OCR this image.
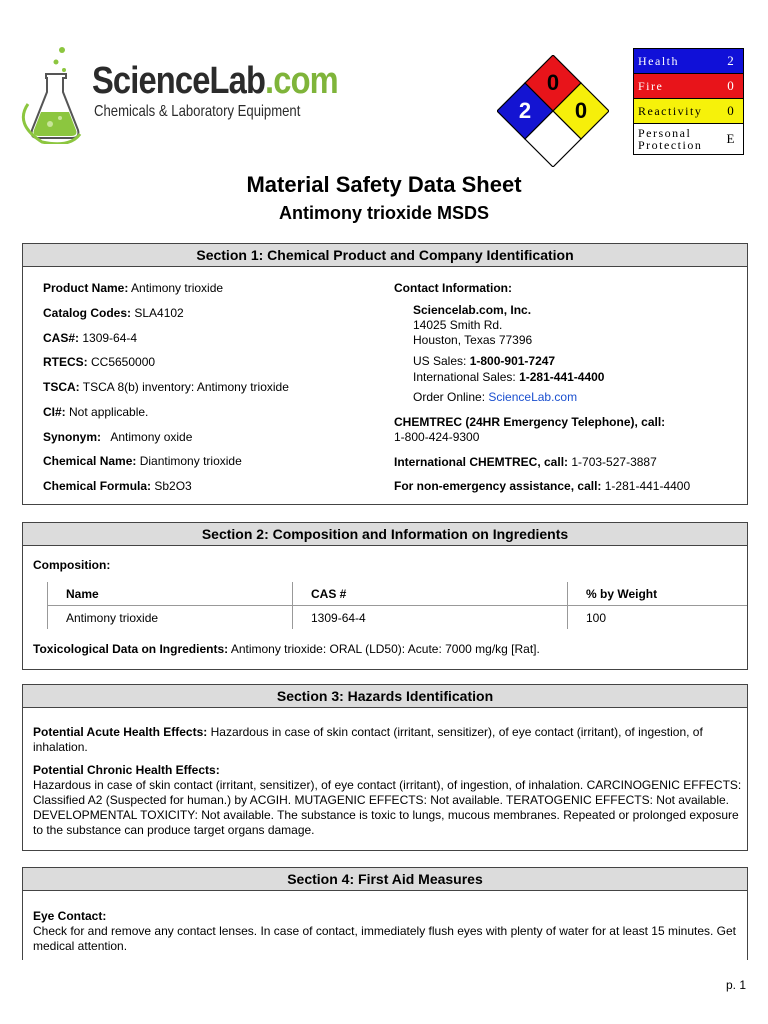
ScienceLab.com
Chemicals & Laboratory Equipment
0
2 0
Health	2
Fire	0
Reactivity	0
Personal Protection	E
Material Safety Data Sheet
Antimony trioxide MSDS
Section 1: Chemical Product and Company Identification
Product Name: Antimony trioxide
Catalog Codes: SLA4102
CAS#: 1309-64-4
RTECS: CC5650000
TSCA: TSCA 8(b) inventory: Antimony trioxide
CI#: Not applicable.
Synonym:   Antimony oxide
Chemical Name: Diantimony trioxide
Chemical Formula: Sb2O3
Contact Information:
Sciencelab.com, Inc.
14025 Smith Rd.
Houston, Texas 77396
US Sales: 1-800-901-7247
International Sales: 1-281-441-4400
Order Online: ScienceLab.com
CHEMTREC (24HR Emergency Telephone), call:
1-800-424-9300
International CHEMTREC, call: 1-703-527-3887
For non-emergency assistance, call: 1-281-441-4400
Section 2: Composition and Information on Ingredients
Composition:
Name	CAS #	% by Weight
Antimony trioxide	1309-64-4	100
Toxicological Data on Ingredients: Antimony trioxide: ORAL (LD50): Acute: 7000 mg/kg [Rat].
Section 3: Hazards Identification
Potential Acute Health Effects: Hazardous in case of skin contact (irritant, sensitizer), of eye contact (irritant), of ingestion, of inhalation.
Potential Chronic Health Effects:
Hazardous in case of skin contact (irritant, sensitizer), of eye contact (irritant), of ingestion, of inhalation. CARCINOGENIC EFFECTS: Classified A2 (Suspected for human.) by ACGIH. MUTAGENIC EFFECTS: Not available. TERATOGENIC EFFECTS: Not available. DEVELOPMENTAL TOXICITY: Not available. The substance is toxic to lungs, mucous membranes. Repeated or prolonged exposure to the substance can produce target organs damage.
Section 4: First Aid Measures
Eye Contact:
Check for and remove any contact lenses. In case of contact, immediately flush eyes with plenty of water for at least 15 minutes. Get medical attention.
p. 1
